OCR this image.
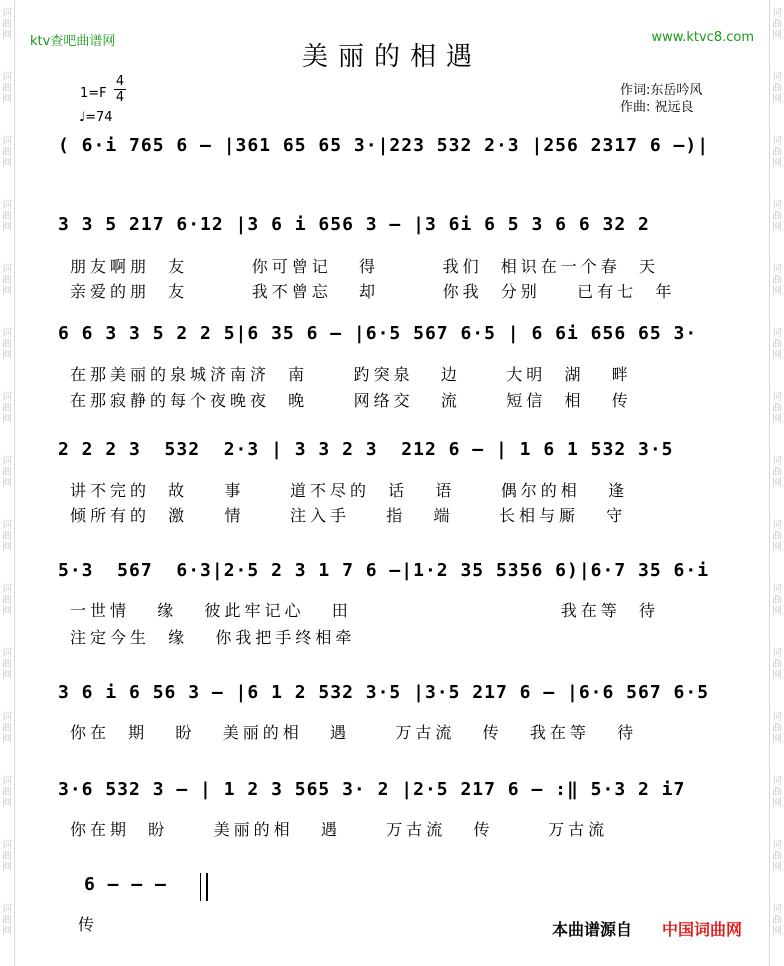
ktv查吧曲谱网	www.ktvc8.com
美丽的相遇
1=F
4
4
♩=74
作词:东岳吟风
作曲: 祝远良
( 6·i 765 6 – |361 65 65 3·|223 532 2·3 |256 2317 6 –)|
3 3 5 217 6·12 |3 6 i 656 3 – |3 6i 6 5 3 6 6 32 2
朋友啊朋  友       你可曾记   得       我们  相识在一个春  天
亲爱的朋  友       我不曾忘   却       你我  分别    已有七  年
6 6 3 3 5 2 2 5|6 35 6 – |6·5 567 6·5 | 6 6i 656 65 3·
在那美丽的泉城济南济  南     趵突泉   边     大明  湖   畔
在那寂静的每个夜晚夜  晚     网络交   流     短信  相   传
2 2 2 3  532  2·3 | 3 3 2 3  212 6 – | 1 6 1 532 3·5
讲不完的  故    事     道不尽的  话   语     偶尔的相   逢
倾所有的  激    情     注入手    指   端     长相与厮   守
5·3  567  6·3|2·5 2 3 1 7 6 –|1·2 35 5356 6)|6·7 35 6·i
一世情   缘   彼此牢记心   田                       我在等  待
注定今生  缘   你我把手终相牵
3 6 i 6 56 3 – |6 1 2 532 3·5 |3·5 217 6 – |6·6 567 6·5
你在  期   盼   美丽的相   遇     万古流   传   我在等   待
3·6 532 3 – | 1 2 3 565 3· 2 |2·5 217 6 – :‖ 5·3 2 i7
你在期  盼     美丽的相   遇     万古流   传      万古流
6 – – –
传	本曲谱源自 中国词曲网
词
曲
网
词
曲
网
词
曲
网
词
曲
网
词
曲
网
词
曲
网
词
曲
网
词
曲
网
词
曲
网
词
曲
网
词
曲
网
词
曲
网
词
曲
网
词
曲
网
词
曲
网
词
曲
网
词
曲
网
词
曲
网
词
曲
网
词
曲
网
词
曲
网
词
曲
网
词
曲
网
词
曲
网
词
曲
网
词
曲
网
词
曲
网
词
曲
网
词
曲
网
词
曲
网
